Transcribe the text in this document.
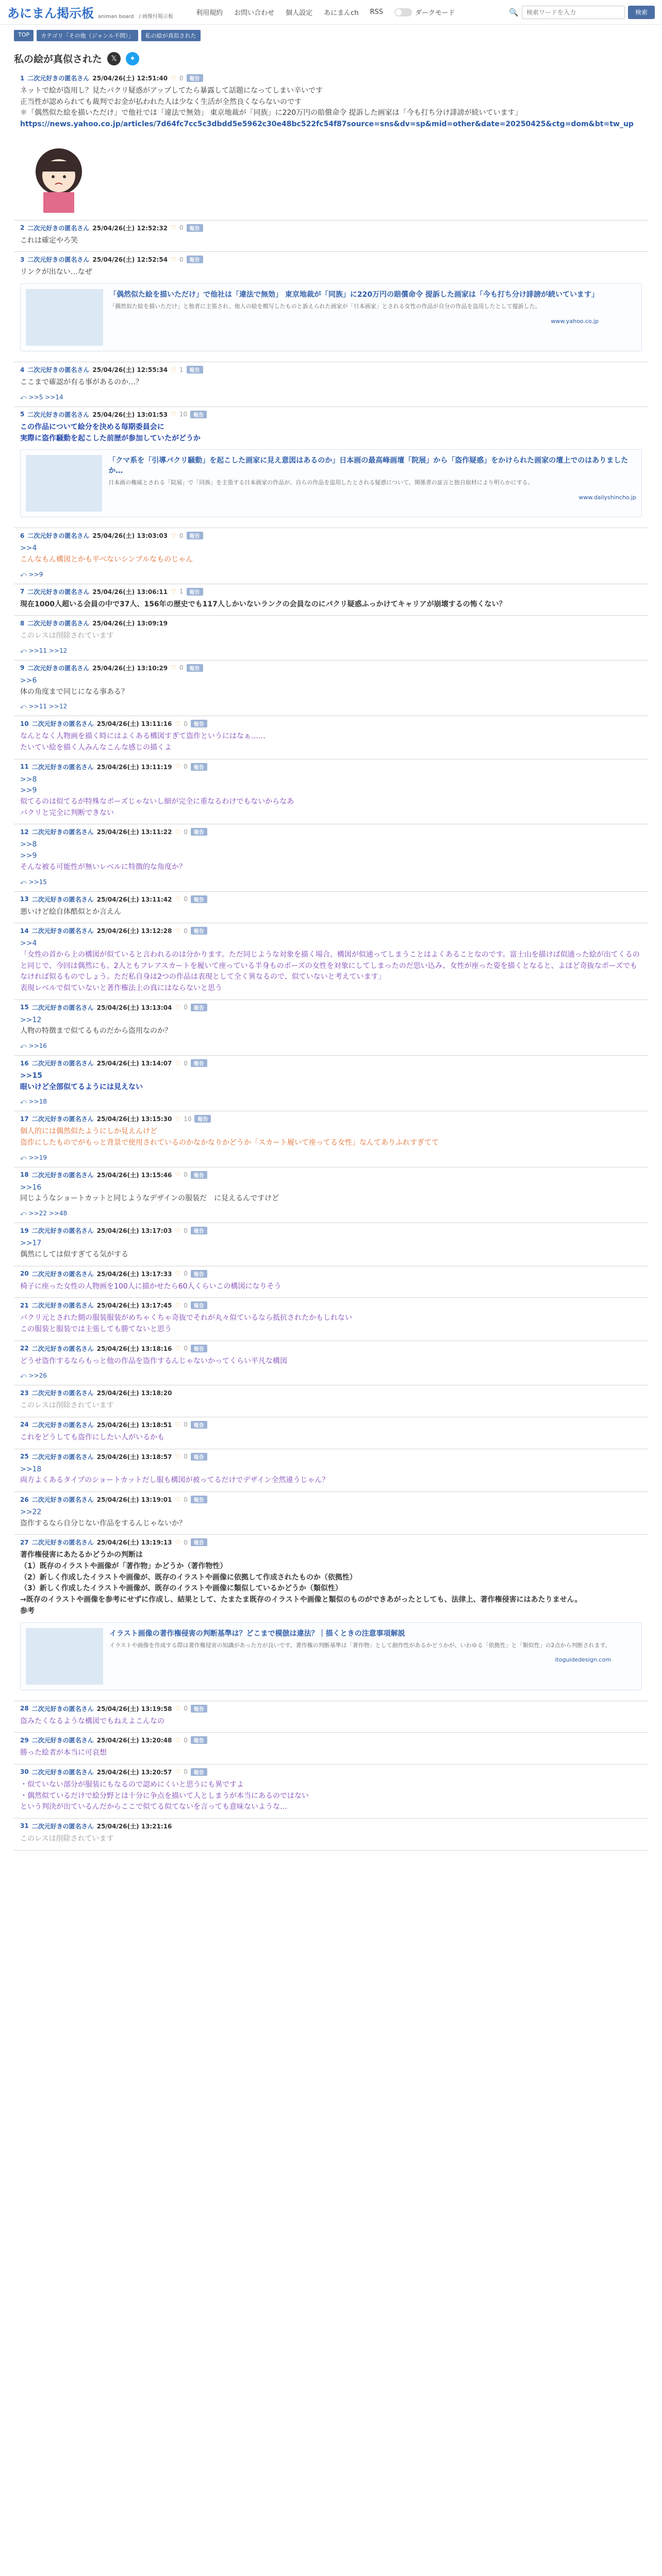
あにまん掲示板 animan board　/ 画像付掲示板	利用規約 お問い合わせ 個人設定 あにまんch RSS	ダークモード	🔍
検索ワードを入力	検索
TOP	カテゴリ「その他（ジャンル不問）」	私の絵が真似された
私の絵が真似された	𝕏	✦
1 二次元好きの匿名さん 25/04/26(土) 12:51:40 ♡ 0	報告
ネットで絵が盗用し？見たパクリ疑惑がアップしてたら暴露して話題になってしまい辛いです
正当性が認められても裁判でお金が払われた人は少なく生活が全然良くならないのです
＊「偶然似た絵を描いただけ」で他社では「違法で無効」 東京地裁が「同族」に220万円の賠償命令 提訴した画家は「今も打ち分け誹謗が続いています」
https://news.yahoo.co.jp/articles/7d64fc7cc5c3dbdd5e5962c30e48bc522fc54f87source=sns&dv=sp&mid=other&date=20250425&ctg=dom&bt=tw_up
2 二次元好きの匿名さん 25/04/26(土) 12:52:32 ♡ 0	報告
これは確定やろ笑
3 二次元好きの匿名さん 25/04/26(土) 12:52:54 ♡ 0	報告
リンクが出ない…なぜ
「偶然似た絵を描いただけ」で他社は「違法で無効」 東京地裁が「同族」に220万円の賠償命令 提訴した画家は「今も打ち分け誹謗が続いています」
「偶然似た絵を描いただけ」と他者に主張され、他人の絵を模写したものと訴えられた画家が「日本画家」とされる女性の作品が自分の作品を盗用したとして提訴した。
www.yahoo.co.jp
4 二次元好きの匿名さん 25/04/26(土) 12:55:34 ♡ 1	報告
ここまで確認が有る事があるのか…？
⤺ >>5 >>14
5 二次元好きの匿名さん 25/04/26(土) 13:01:53 ♡ 10	報告
この作品について絵分を決める毎期委員会に
実際に盗作騒動を起こした前歴が参加していたがどうか
「クマ系を「引導パクリ騒動」を起こした画家に見え意図はあるのか」日本画の最高峰画壇「院展」から「盗作疑惑」をかけられた画家の壇上でのはありましたか…
日本画の権威とされる「院展」で「同族」を主張する日本画家の作品が、自らの作品を盗用したとされる疑惑について、関係者の証言と独自取材により明らかにする。
www.dailyshincho.jp
6 二次元好きの匿名さん 25/04/26(土) 13:03:03 ♡ 0	報告
>>4
こんなもん構図とかも平べないシンプルなものじゃん
⤺ >>9
7 二次元好きの匿名さん 25/04/26(土) 13:06:11 ♡ 1	報告
現在1000人超いる会員の中で37人、156年の歴史でも117人しかいないランクの会員なのにパクリ疑惑ふっかけてキャリアが崩壊するの怖くない？
8 二次元好きの匿名さん 25/04/26(土) 13:09:19
このレスは削除されています
⤺ >>11 >>12
9 二次元好きの匿名さん 25/04/26(土) 13:10:29 ♡ 0	報告
>>6
体の角度まで同じになる事ある？
⤺ >>11 >>12
10 二次元好きの匿名さん 25/04/26(土) 13:11:16 ♡ 0	報告
なんとなく人物画を描く時にはよくある構図すぎて盗作というにはなぁ……
たいてい絵を描く人みんなこんな感じの描くよ
11 二次元好きの匿名さん 25/04/26(土) 13:11:19 ♡ 0	報告
>>8
>>9
似てるのは似てるが特殊なポーズじゃないし細が完全に重なるわけでもないからなあ
パクリと完全に判断できない
12 二次元好きの匿名さん 25/04/26(土) 13:11:22 ♡ 0	報告
>>8
>>9
そんな被る可能性が無いレベルに特徴的な角度か？
⤺ >>15
13 二次元好きの匿名さん 25/04/26(土) 13:11:42 ♡ 0	報告
悪いけど絵自体酷似とか言えん
14 二次元好きの匿名さん 25/04/26(土) 13:12:28 ♡ 0	報告
>>4
「女性の首から上の構図が似ていると言われるのは分かります。ただ同じような対象を描く場合、構図が似通ってしまうことはよくあることなのです。富士山を描けば似通った絵が出てくるのと同じで、今回は偶然にも、2人ともフレアスカートを履いて座っている半身ものポーズの女性を対象にしてしまったのだ思い込み、女性が座った姿を描くとなると、よほど奇抜なポーズでもなければ似るものでしょう。ただ私自身は2つの作品は表現として全く異なるので、似ていないと考えています」
表現レベルで似ていないと著作権法上の真にはならないと思う
15 二次元好きの匿名さん 25/04/26(土) 13:13:04 ♡ 0	報告
>>12
人物の特徴まで似てるものだから盗用なのか？
⤺ >>16
16 二次元好きの匿名さん 25/04/26(土) 13:14:07 ♡ 0	報告
>>15
眼いけど全部似てるようには見えない
⤺ >>18
17 二次元好きの匿名さん 25/04/26(土) 13:15:30 ♡ 10	報告
個人的には偶然似たようにしか見えんけど
盗作にしたものでがもっと背景で使用されているのかなかなりかどうか「スカート履いて座ってる女性」なんてありふれすぎてて
⤺ >>19
18 二次元好きの匿名さん 25/04/26(土) 13:15:46 ♡ 0	報告
>>16
同じようなショートカットと同じようなデザインの服装だ　に見えるんですけど
⤺ >>22 >>48
19 二次元好きの匿名さん 25/04/26(土) 13:17:03 ♡ 0	報告
>>17
偶然にしては似すぎてる気がする
20 二次元好きの匿名さん 25/04/26(土) 13:17:33 ♡ 0	報告
椅子に座った女性の人物画を100人に描かせたら60人くらいこの構図になりそう
21 二次元好きの匿名さん 25/04/26(土) 13:17:45 ♡ 0	報告
パクリ元とされた側の服装服装がめちゃくちゃ奇抜でそれが丸々似ているなら抵抗されたかもしれない
この服装と服装では主張しても勝てないと思う
22 二次元好きの匿名さん 25/04/26(土) 13:18:16 ♡ 0	報告
どうせ盗作するならもっと他の作品を盗作するんじゃないかってくらい平凡な構図
⤺ >>26
23 二次元好きの匿名さん 25/04/26(土) 13:18:20
このレスは削除されています
24 二次元好きの匿名さん 25/04/26(土) 13:18:51 ♡ 0	報告
これをどうしても盗作にしたい人がいるかも
25 二次元好きの匿名さん 25/04/26(土) 13:18:57 ♡ 0	報告
>>18
両方よくあるタイプのショートカットだし服も構図が被ってるだけでデザイン全然違うじゃん？
26 二次元好きの匿名さん 25/04/26(土) 13:19:01 ♡ 0	報告
>>22
盗作するなら自分じない作品をするんじゃないか？
27 二次元好きの匿名さん 25/04/26(土) 13:19:13 ♡ 0	報告
著作権侵害にあたるかどうかの判断は
（1）既存のイラストや画像が「著作物」かどうか（著作物性）
（2）新しく作成したイラストや画像が、既存のイラストや画像に依拠して作成されたものか（依拠性）
（3）新しく作成したイラストや画像が、既存のイラストや画像に類似しているかどうか（類似性）
→既存のイラストや画像を参考にせずに作成し、結果として、たまたま既存のイラストや画像と類似のものができあがったとしても、法律上、著作権侵害にはあたりません。
参考
イラスト画像の著作権侵害の判断基準は？どこまで模倣は違法？｜描くときの注意事項解説
イラストや画像を作成する際は著作権侵害の知識があった方が良いです。著作権の判断基準は「著作物」として創作性があるかどうかが、いわゆる「依拠性」と「類似性」の2点から判断されます。
itoguidedesign.com
28 二次元好きの匿名さん 25/04/26(土) 13:19:58 ♡ 0	報告
盗みたくなるような構図でもねえよこんなの
29 二次元好きの匿名さん 25/04/26(土) 13:20:48 ♡ 0	報告
勝った絵者が本当に可哀想
30 二次元好きの匿名さん 25/04/26(土) 13:20:57 ♡ 0	報告
・似ていない部分が服装にもなるので認めにくいと思うにも異ですよ
・偶然似ているだけで絵分野とは十分に争点を描いて人としまうが本当にあるのではない
という判決が出ているんだからここで似てる似てないを言っても意味ないような…
31 二次元好きの匿名さん 25/04/26(土) 13:21:16
このレスは削除されています
